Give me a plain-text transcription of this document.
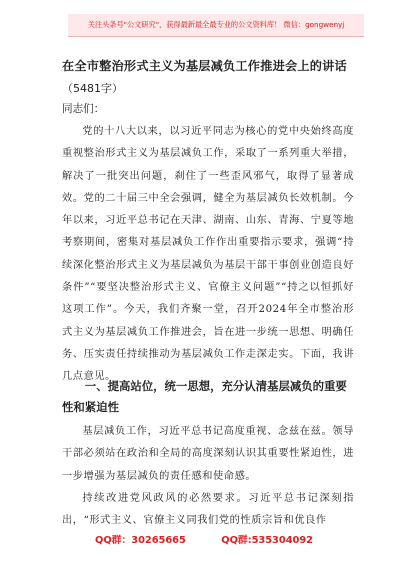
关注头条号"公文研究"，获得最新最全最专业的公文资料库！ 微信：gongwenyj
在全市整治形式主义为基层减负工作推进会上的讲话
（5481字）
同志们：

党的十八大以来，以习近平同志为核心的党中央始终高度重视整治形式主义为基层减负工作，采取了一系列重大举措，解决了一批突出问题，刹住了一些歪风邪气，取得了显著成效。党的二十届三中全会强调，健全为基层减负长效机制。今年以来，习近平总书记在天津、湖南、山东、青海、宁夏等地考察期间，密集对基层减负工作作出重要指示要求，强调“持续深化整治形式主义为基层减负为基层干部干事创业创造良好条件”“要坚决整治形式主义、官僚主义问题”“持之以恒抓好这项工作”。今天，我们齐聚一堂，召开2024年全市整治形式主义为基层减负工作推进会，旨在进一步统一思想、明确任务、压实责任持续推动为基层减负工作走深走实。下面，我讲几点意见。

一、提高站位，统一思想，充分认清基层减负的重要性和紧迫性

基层减负工作，习近平总书记高度重视、念兹在兹。领导干部必须站在政治和全局的高度深刻认识其重要性紧迫性，进一步增强为基层减负的责任感和使命感。

持续改进党风政风的必然要求。习近平总书记深刻指出，“形式主义、官僚主义同我们党的性质宗旨和优良作

QQ群：30265665	QQ群:535304092
